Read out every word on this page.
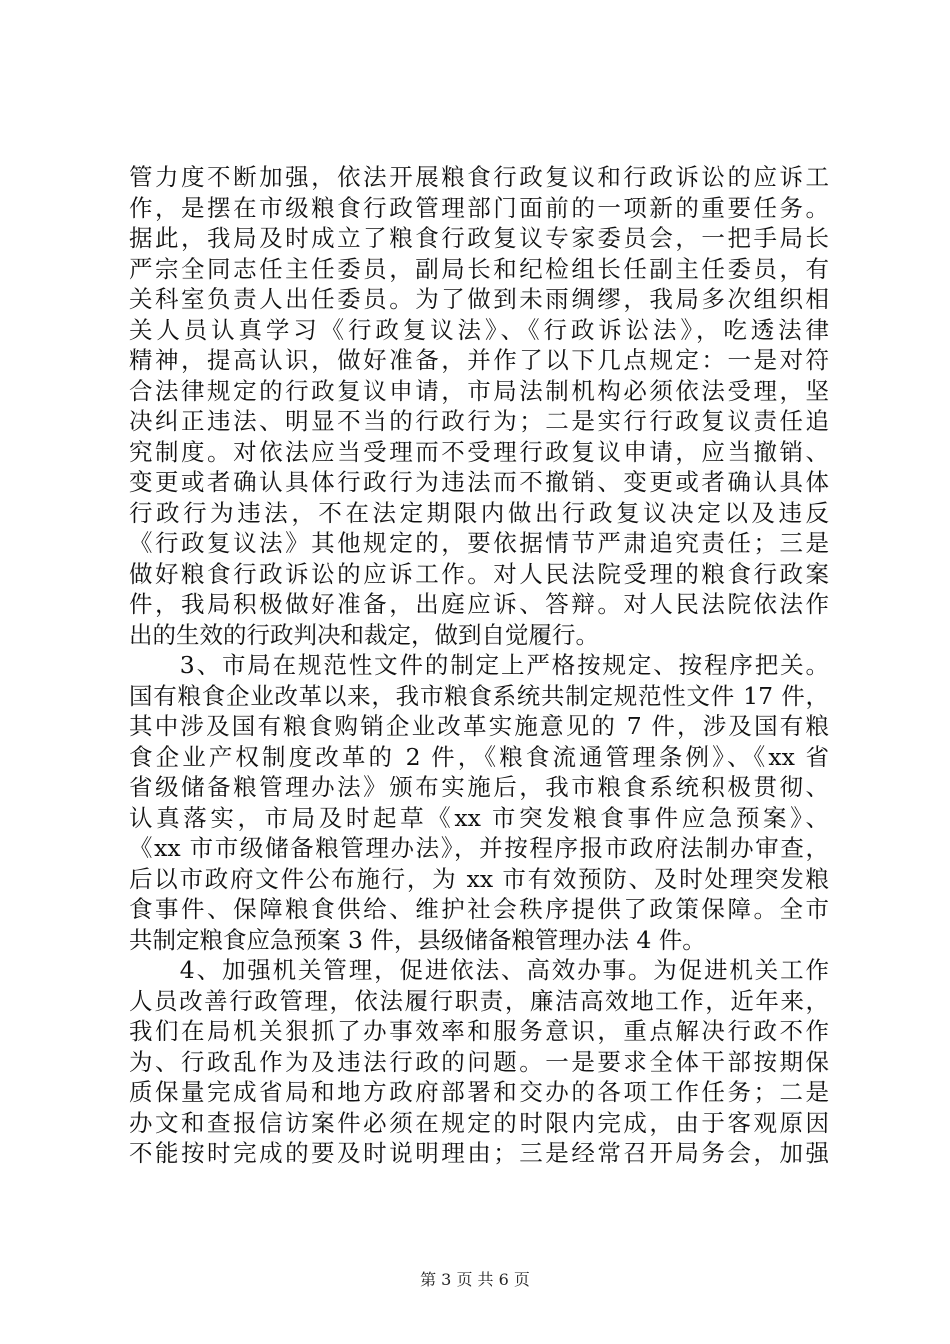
管力度不断加强，依法开展粮食行政复议和行政诉讼的应诉工
作，是摆在市级粮食行政管理部门面前的一项新的重要任务。
据此，我局及时成立了粮食行政复议专家委员会，一把手局长
严宗全同志任主任委员，副局长和纪检组长任副主任委员，有
关科室负责人出任委员。为了做到未雨绸缪，我局多次组织相
关人员认真学习《行政复议法》、《行政诉讼法》，吃透法律
精神，提高认识，做好准备，并作了以下几点规定：一是对符
合法律规定的行政复议申请，市局法制机构必须依法受理，坚
决纠正违法、明显不当的行政行为；二是实行行政复议责任追
究制度。对依法应当受理而不受理行政复议申请，应当撤销、
变更或者确认具体行政行为违法而不撤销、变更或者确认具体
行政行为违法，不在法定期限内做出行政复议决定以及违反
《行政复议法》其他规定的，要依据情节严肃追究责任；三是
做好粮食行政诉讼的应诉工作。对人民法院受理的粮食行政案
件，我局积极做好准备，出庭应诉、答辩。对人民法院依法作
出的生效的行政判决和裁定，做到自觉履行。
　　3、市局在规范性文件的制定上严格按规定、按程序把关。
国有粮食企业改革以来，我市粮食系统共制定规范性文件 17 件，
其中涉及国有粮食购销企业改革实施意见的 7 件，涉及国有粮
食企业产权制度改革的 2 件，《粮食流通管理条例》、《xx 省
省级储备粮管理办法》颁布实施后，我市粮食系统积极贯彻、
认真落实，市局及时起草《xx 市突发粮食事件应急预案》、
《xx 市市级储备粮管理办法》，并按程序报市政府法制办审查，
后以市政府文件公布施行，为 xx 市有效预防、及时处理突发粮
食事件、保障粮食供给、维护社会秩序提供了政策保障。全市
共制定粮食应急预案 3 件，县级储备粮管理办法 4 件。
　　4、加强机关管理，促进依法、高效办事。为促进机关工作
人员改善行政管理，依法履行职责，廉洁高效地工作，近年来，
我们在局机关狠抓了办事效率和服务意识，重点解决行政不作
为、行政乱作为及违法行政的问题。一是要求全体干部按期保
质保量完成省局和地方政府部署和交办的各项工作任务；二是
办文和查报信访案件必须在规定的时限内完成，由于客观原因
不能按时完成的要及时说明理由；三是经常召开局务会，加强
第 3 页 共 6 页
